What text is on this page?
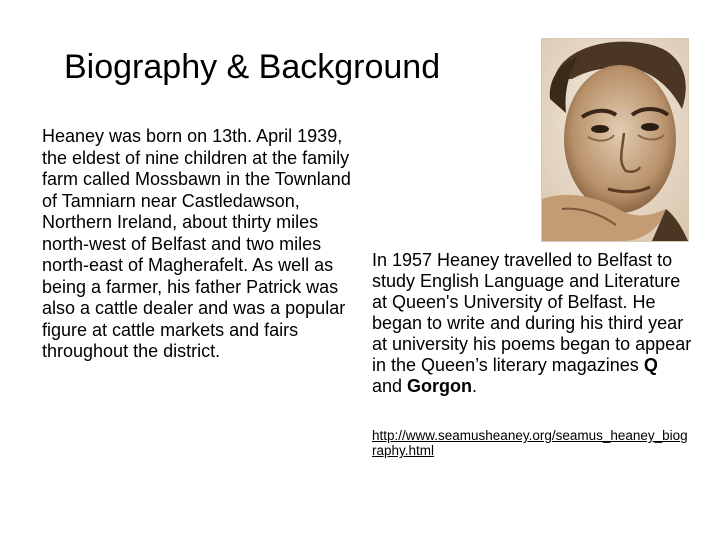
Biography & Background
Heaney was born on 13th. April 1939, the eldest of nine children at the family farm called Mossbawn in the Townland of Tamniarn near Castledawson, Northern Ireland, about thirty miles north-west of Belfast and two miles north-east of Magherafelt. As well as being a farmer, his father Patrick was also a cattle dealer and was a popular figure at cattle markets and fairs throughout the district.
In 1957 Heaney travelled to Belfast to study English Language and Literature at Queen's University of Belfast. He began to write and during his third year at university his poems began to appear in the Queen’s literary magazines Q and Gorgon.
http://www.seamusheaney.org/seamus_heaney_biography.html
